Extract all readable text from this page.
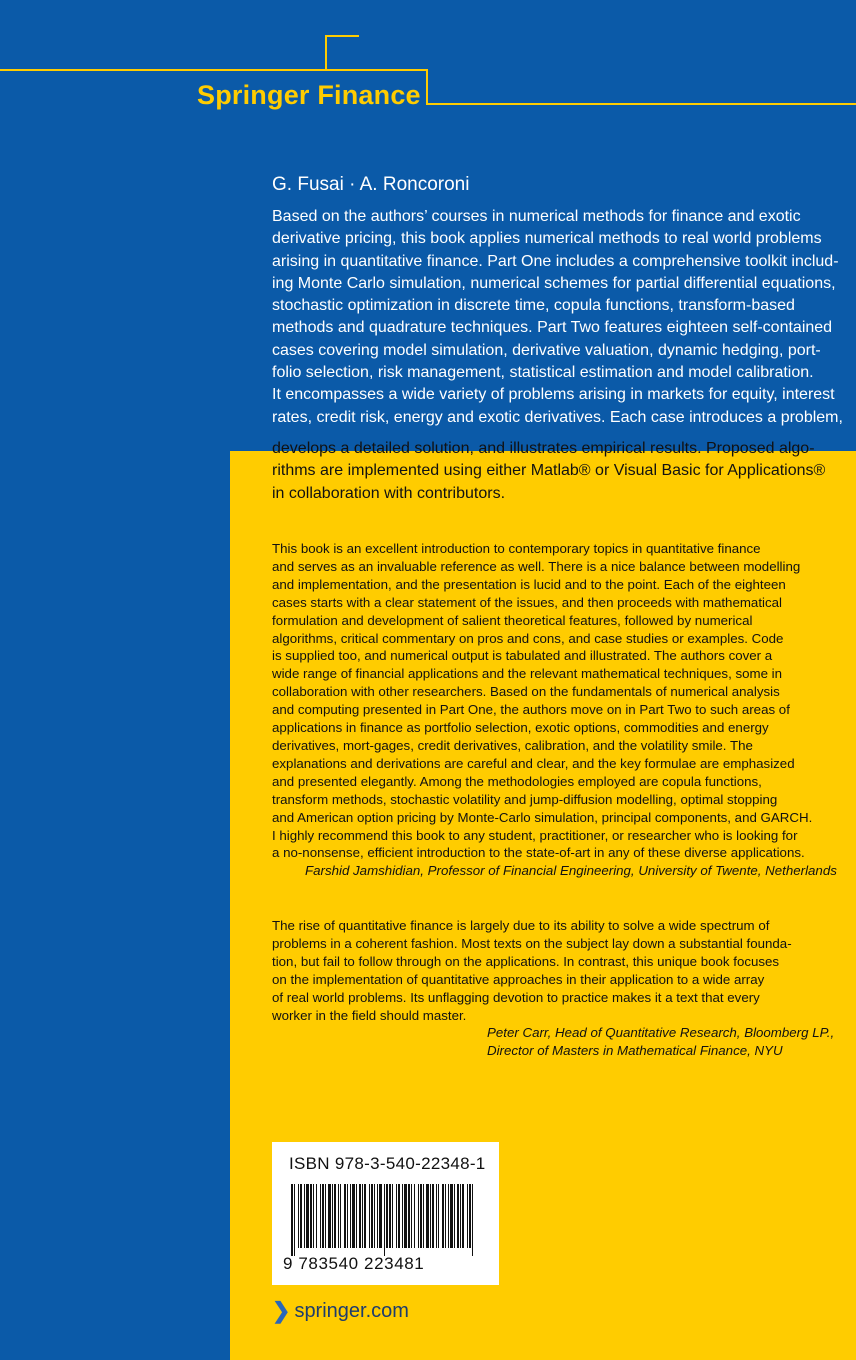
Springer Finance
G. Fusai · A. Roncoroni
Based on the authors’ courses in numerical methods for finance and exotic
derivative pricing, this book applies numerical methods to real world problems
arising in quantitative finance. Part One includes a comprehensive toolkit includ-
ing Monte Carlo simulation, numerical schemes for partial differential equations,
stochastic optimization in discrete time, copula functions, transform-based
methods and quadrature techniques. Part Two features eighteen self-contained
cases covering model simulation, derivative valuation, dynamic hedging, port-
folio selection, risk management, statistical estimation and model calibration.
It encompasses a wide variety of problems arising in markets for equity, interest
rates, credit risk, energy and exotic derivatives. Each case introduces a problem,
develops a detailed solution, and illustrates empirical results. Proposed algo-
rithms are implemented using either Matlab® or Visual Basic for Applications®
in collaboration with contributors.
This book is an excellent introduction to contemporary topics in quantitative finance
and serves as an invaluable reference as well. There is a nice balance between modelling
and implementation, and the presentation is lucid and to the point. Each of the eighteen
cases starts with a clear statement of the issues, and then proceeds with mathematical
formulation and development of salient theoretical features, followed by numerical
algorithms, critical commentary on pros and cons, and case studies or examples. Code
is supplied too, and numerical output is tabulated and illustrated. The authors cover a
wide range of financial applications and the relevant mathematical techniques, some in
collaboration with other researchers. Based on the fundamentals of numerical analysis
and computing presented in Part One, the authors move on in Part Two to such areas of
applications in finance as portfolio selection, exotic options, commodities and energy
derivatives, mort-gages, credit derivatives, calibration, and the volatility smile. The
explanations and derivations are careful and clear, and the key formulae are emphasized
and presented elegantly. Among the methodologies employed are copula functions,
transform methods, stochastic volatility and jump-diffusion modelling, optimal stopping
and American option pricing by Monte-Carlo simulation, principal components, and GARCH.
I highly recommend this book to any student, practitioner, or researcher who is looking for
a no-nonsense, efficient introduction to the state-of-art in any of these diverse applications.
Farshid Jamshidian, Professor of Financial Engineering, University of Twente, Netherlands
The rise of quantitative finance is largely due to its ability to solve a wide spectrum of
problems in a coherent fashion. Most texts on the subject lay down a substantial founda-
tion, but fail to follow through on the applications. In contrast, this unique book focuses
on the implementation of quantitative approaches in their application to a wide array
of real world problems. Its unflagging devotion to practice makes it a text that every
worker in the field should master.
Peter Carr, Head of Quantitative Research, Bloomberg LP.,
Director of Masters in Mathematical Finance, NYU
ISBN 978-3-540-22348-1
9 783540 223481
❯ springer.com
